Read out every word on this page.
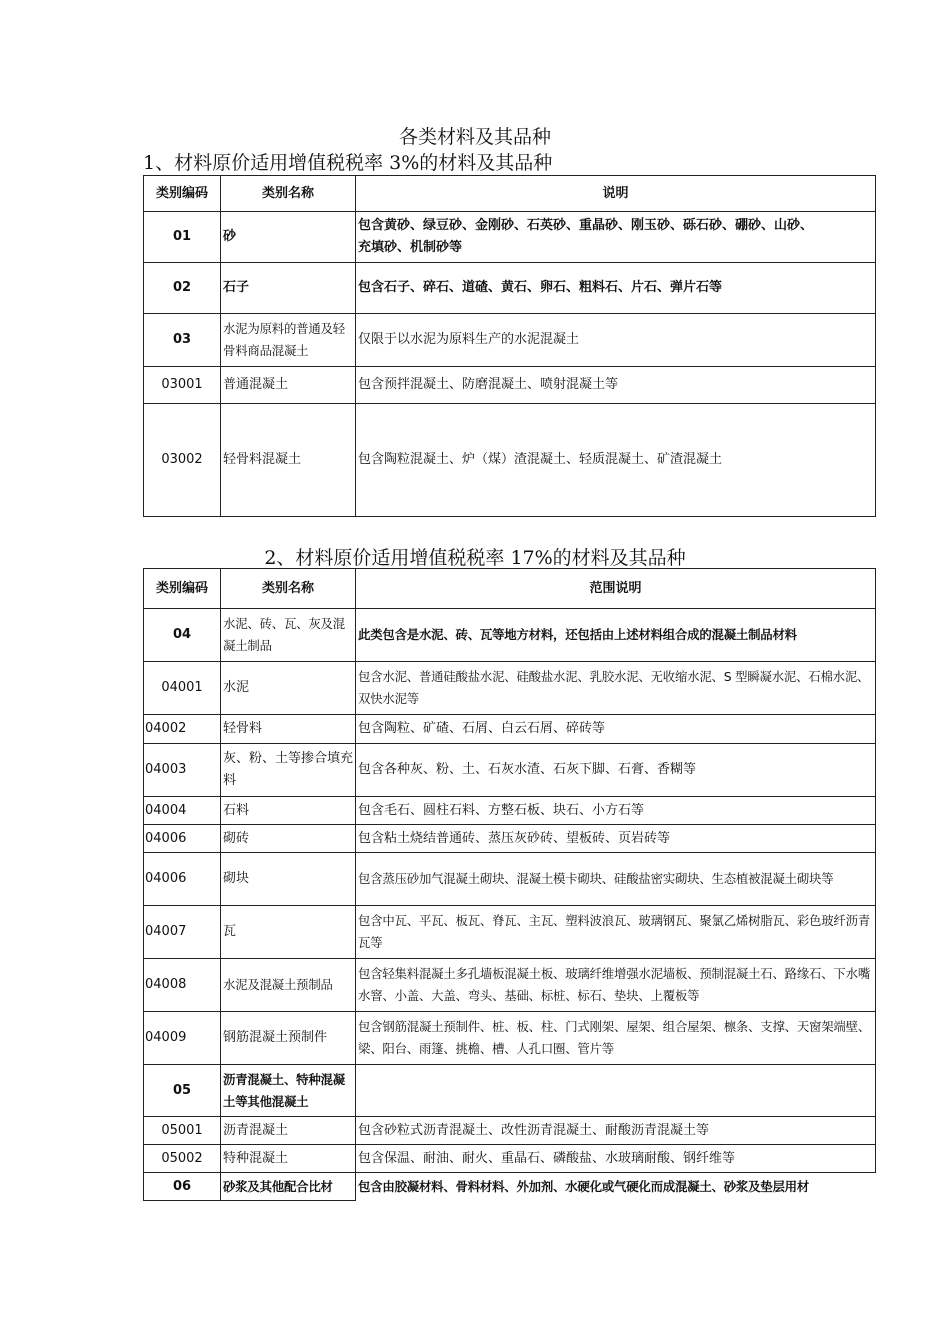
各类材料及其品种
1、材料原价适用增值税税率 3%的材料及其品种
类别编码	类别名称	说明
01	砂	包含黄砂、绿豆砂、金刚砂、石英砂、重晶砂、刚玉砂、砾石砂、硼砂、山砂、充填砂、机制砂等
02	石子	包含石子、碎石、道碴、黄石、卵石、粗料石、片石、弹片石等
03	水泥为原料的普通及轻骨料商品混凝土	仅限于以水泥为原料生产的水泥混凝土
03001	普通混凝土	包含预拌混凝土、防磨混凝土、喷射混凝土等
03002	轻骨料混凝土	包含陶粒混凝土、炉（煤）渣混凝土、轻质混凝土、矿渣混凝土
2、材料原价适用增值税税率 17%的材料及其品种
类别编码	类别名称	范围说明
04	水泥、砖、瓦、灰及混凝土制品	此类包含是水泥、砖、瓦等地方材料，还包括由上述材料组合成的混凝土制品材料
04001	水泥	包含水泥、普通硅酸盐水泥、硅酸盐水泥、乳胶水泥、无收缩水泥、S 型瞬凝水泥、石棉水泥、双快水泥等
04002	轻骨料	包含陶粒、矿碴、石屑、白云石屑、碎砖等
04003	灰、粉、土等掺合填充料	包含各种灰、粉、土、石灰水渣、石灰下脚、石膏、香糊等
04004	石料	包含毛石、圆柱石料、方整石板、块石、小方石等
04006	砌砖	包含粘土烧结普通砖、蒸压灰砂砖、望板砖、页岩砖等
04006	砌块	包含蒸压砂加气混凝土砌块、混凝土模卡砌块、硅酸盐密实砌块、生态植被混凝土砌块等
04007	瓦	包含中瓦、平瓦、板瓦、脊瓦、主瓦、塑料波浪瓦、玻璃钢瓦、聚氯乙烯树脂瓦、彩色玻纤沥青瓦等
04008	水泥及混凝土预制品	包含轻集料混凝土多孔墙板混凝土板、玻璃纤维增强水泥墙板、预制混凝土石、路缘石、下水嘴水窨、小盖、大盖、弯头、基础、标桩、标石、垫块、上覆板等
04009	钢筋混凝土预制件	包含钢筋混凝土预制件、桩、板、柱、门式刚架、屋架、组合屋架、檩条、支撑、天窗架端壁、梁、阳台、雨篷、挑檐、槽、人孔口圈、管片等
05	沥青混凝土、特种混凝土等其他混凝土	
05001	沥青混凝土	包含砂粒式沥青混凝土、改性沥青混凝土、耐酸沥青混凝土等
05002	特种混凝土	包含保温、耐油、耐火、重晶石、磷酸盐、水玻璃耐酸、钢纤维等
06	砂浆及其他配合比材	包含由胶凝材料、骨料材料、外加剂、水硬化或气硬化而成混凝土、砂浆及垫层用材
